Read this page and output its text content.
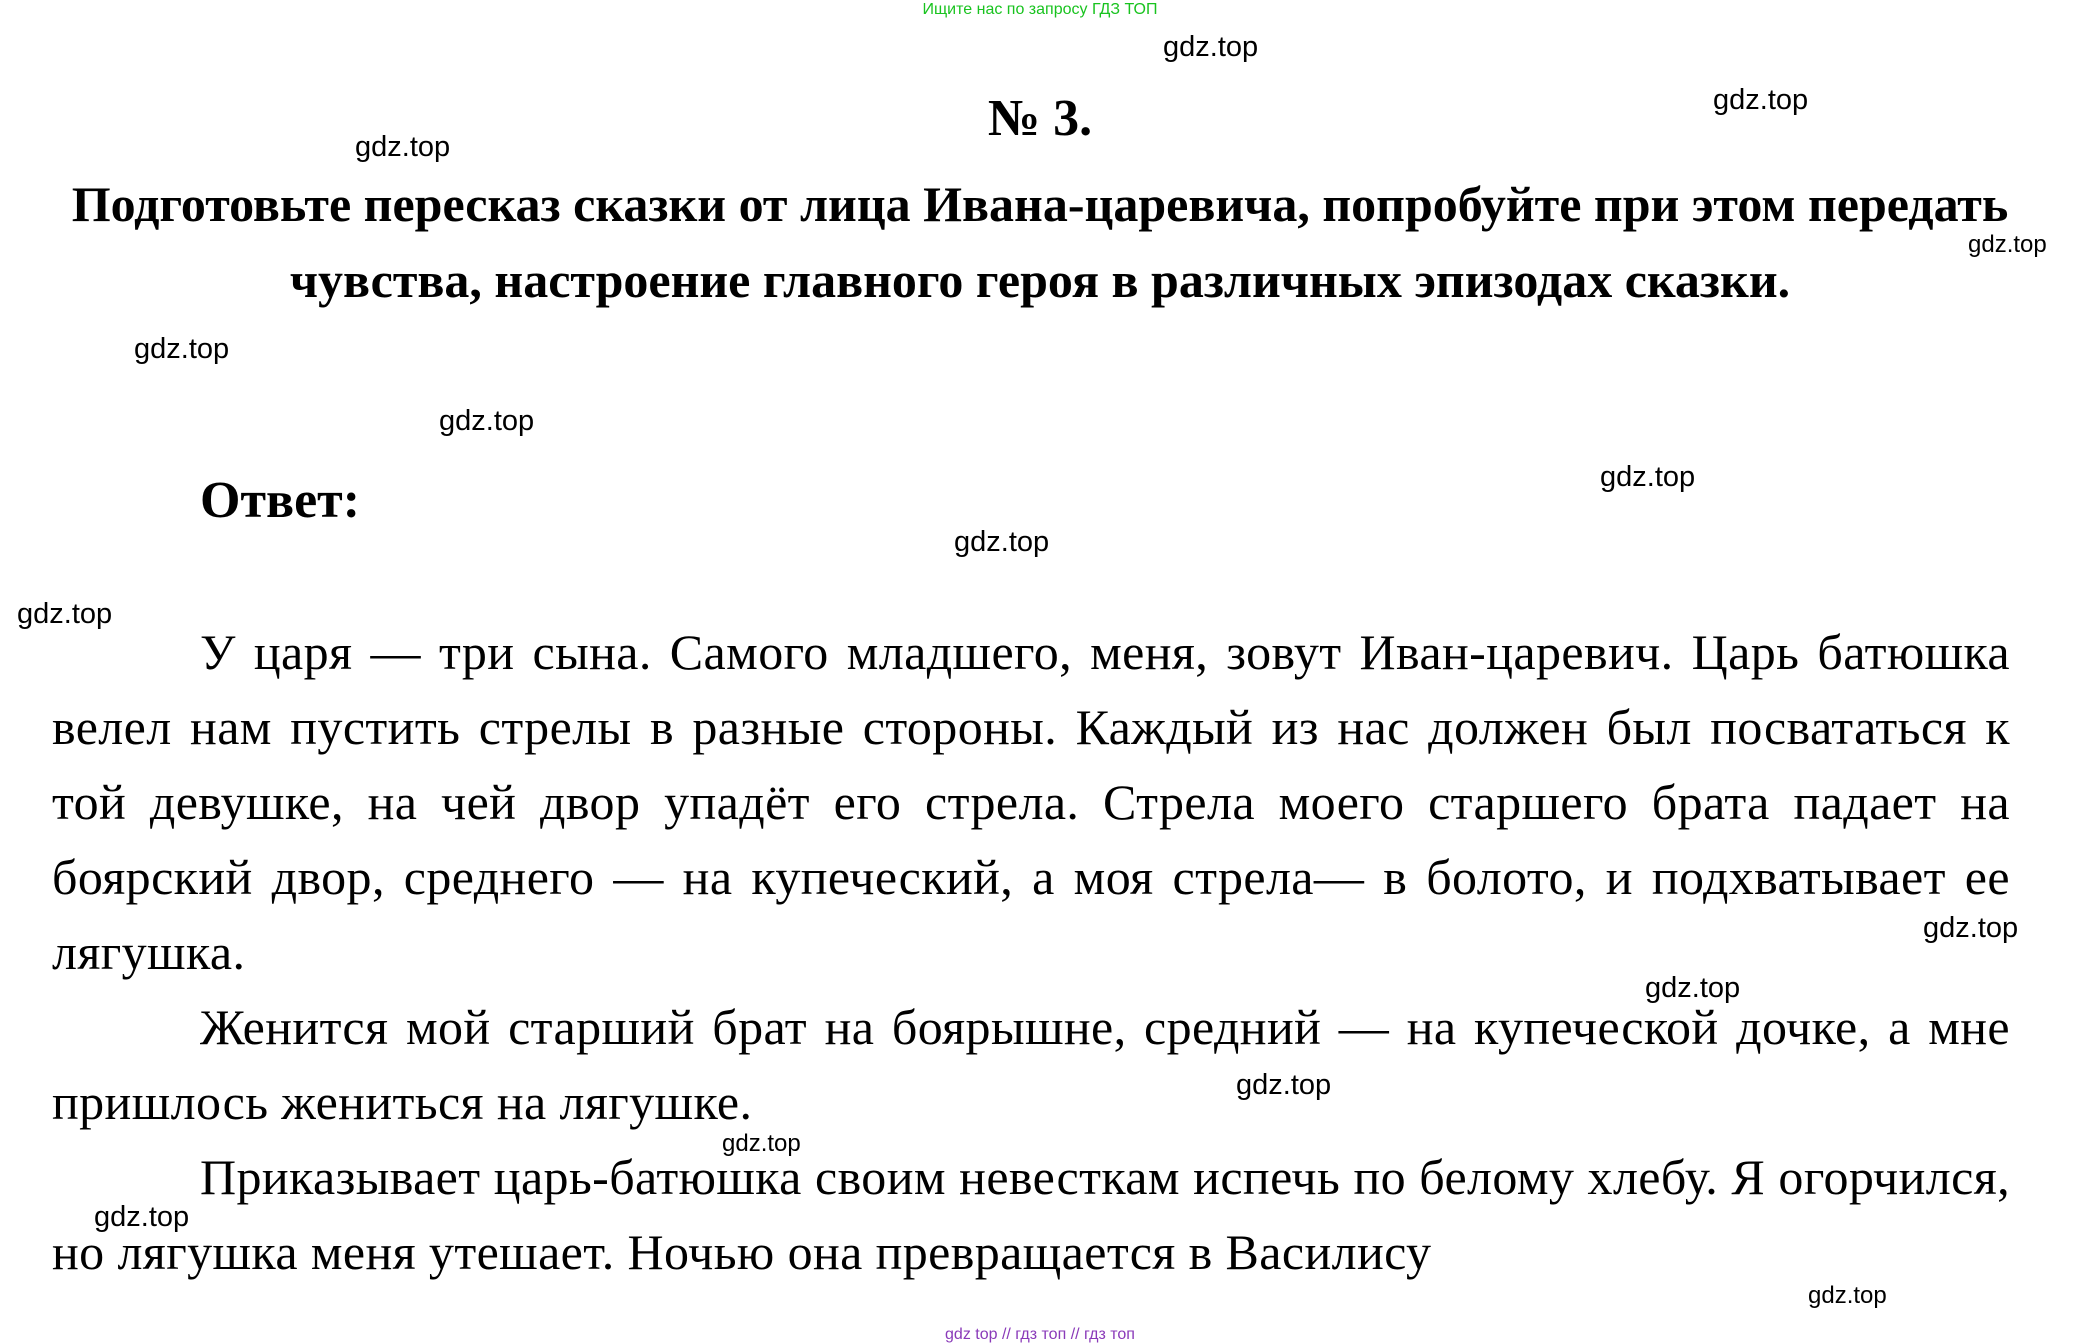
Ищите нас по запросу ГДЗ ТОП
№ 3.
Подготовьте пересказ сказки от лица Ивана-царевича, попробуйте при этом передать чувства, настроение главного героя в различных эпизодах сказки.
Ответ:

У царя — три сына. Самого младшего, меня, зовут Иван-царевич. Царь батюшка велел нам пустить стрелы в разные стороны. Каждый из нас должен был посвататься к той девушке, на чей двор упадёт его стрела. Стрела моего старшего брата падает на боярский двор, среднего — на купеческий, а моя стрела— в болото, и подхватывает ее лягушка.

Женится мой старший брат на боярышне, средний — на купеческой дочке, а мне пришлось жениться на лягушке.

Приказывает царь-батюшка своим невесткам испечь по белому хлебу. Я огорчился, но лягушка меня утешает. Ночью она превращается в Василису

gdz.top
gdz.top
gdz.top
gdz.top
gdz.top
gdz.top
gdz.top
gdz.top
gdz.top
gdz.top
gdz.top
gdz.top
gdz.top
gdz.top
gdz.top
gdz top // гдз топ // гдз топ
